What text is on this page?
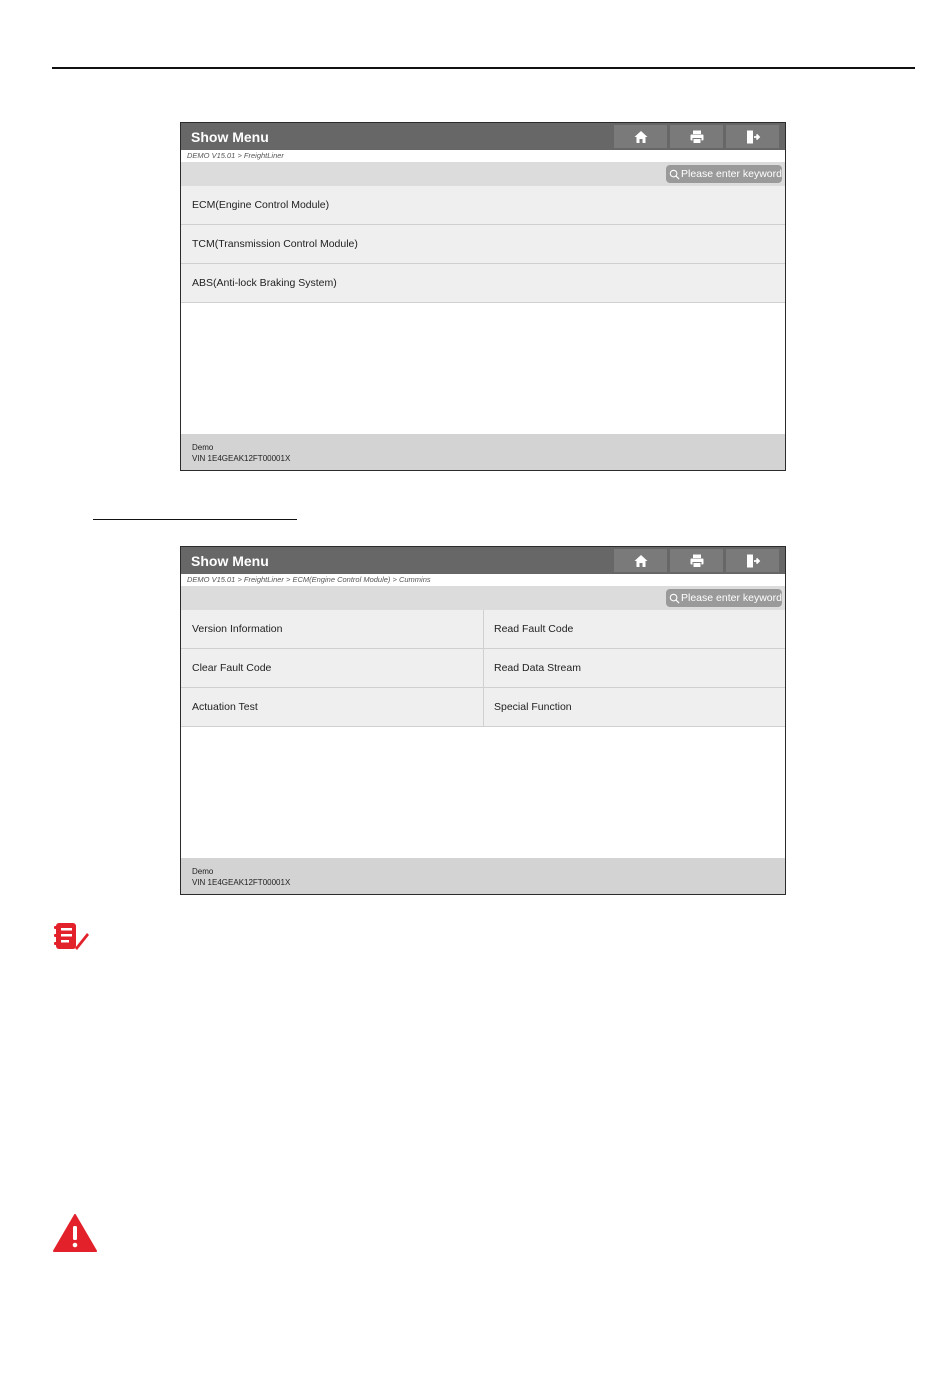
Show Menu
DEMO V15.01 > FreightLiner
Please enter keyword
ECM(Engine Control Module)
TCM(Transmission Control Module)
ABS(Anti-lock Braking System)
Demo
VIN 1E4GEAK12FT00001X
Show Menu
DEMO V15.01 > FreightLiner > ECM(Engine Control Module) > Cummins
Please enter keyword
Version Information	Read Fault Code
Clear Fault Code	Read Data Stream
Actuation Test	Special Function
Demo
VIN 1E4GEAK12FT00001X
